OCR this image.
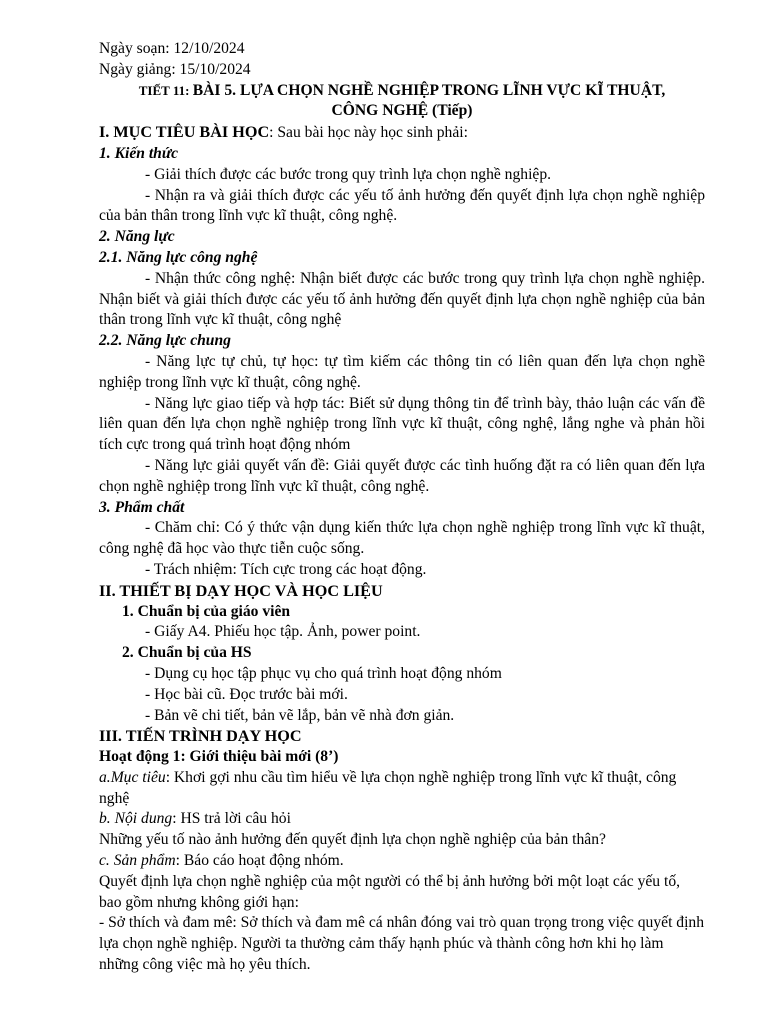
Ngày soạn: 12/10/2024

Ngày giảng: 15/10/2024

TIẾT 11: BÀI 5. LỰA CHỌN NGHỀ NGHIỆP TRONG LĨNH VỰC KĨ THUẬT,

CÔNG NGHỆ (Tiếp)

I. MỤC TIÊU BÀI HỌC: Sau bài học này học sinh phải:

1. Kiến thức

- Giải thích được các bước trong quy trình lựa chọn nghề nghiệp.

- Nhận ra và giải thích được các yếu tố ảnh hưởng đến quyết định lựa chọn nghề nghiệp của bản thân trong lĩnh vực kĩ thuật, công nghệ.

2. Năng lực

2.1. Năng lực công nghệ

- Nhận thức công nghệ: Nhận biết được các bước trong quy trình lựa chọn nghề nghiệp. Nhận biết và giải thích được các yếu tố ảnh hưởng đến quyết định lựa chọn nghề nghiệp của bản thân trong lĩnh vực kĩ thuật, công nghệ

2.2. Năng lực chung

- Năng lực tự chủ, tự học: tự tìm kiếm các thông tin có liên quan đến lựa chọn nghề nghiệp trong lĩnh vực kĩ thuật, công nghệ.

- Năng lực giao tiếp và hợp tác: Biết sử dụng thông tin để trình bày, thảo luận các vấn đề liên quan đến lựa chọn nghề nghiệp trong lĩnh vực kĩ thuật, công nghệ, lắng nghe và phản hồi tích cực trong quá trình hoạt động nhóm

- Năng lực giải quyết vấn đề: Giải quyết được các tình huống đặt ra có liên quan đến lựa chọn nghề nghiệp trong lĩnh vực kĩ thuật, công nghệ.

3. Phẩm chất

- Chăm chỉ: Có ý thức vận dụng kiến thức lựa chọn nghề nghiệp trong lĩnh vực kĩ thuật, công nghệ đã học vào thực tiễn cuộc sống.

- Trách nhiệm: Tích cực trong các hoạt động.

II. THIẾT BỊ DẠY HỌC VÀ HỌC LIỆU

1. Chuẩn bị của giáo viên

- Giấy A4. Phiếu học tập. Ảnh, power point.

2. Chuẩn bị của HS

- Dụng cụ học tập phục vụ cho quá trình hoạt động nhóm

- Học bài cũ. Đọc trước bài mới.

- Bản vẽ chi tiết, bản vẽ lắp, bản vẽ nhà đơn giản.

III. TIẾN TRÌNH DẠY HỌC

Hoạt động 1: Giới thiệu bài mới (8’)

a.Mục tiêu: Khơi gợi nhu cầu tìm hiểu về lựa chọn nghề nghiệp trong lĩnh vực kĩ thuật, công nghệ

b. Nội dung: HS trả lời câu hỏi

Những yếu tố nào ảnh hưởng đến quyết định lựa chọn nghề nghiệp của bản thân?

c. Sản phẩm: Báo cáo hoạt động nhóm.

Quyết định lựa chọn nghề nghiệp của một người có thể bị ảnh hưởng bởi một loạt các yếu tố, bao gồm nhưng không giới hạn:

- Sở thích và đam mê: Sở thích và đam mê cá nhân đóng vai trò quan trọng trong việc quyết định lựa chọn nghề nghiệp. Người ta thường cảm thấy hạnh phúc và thành công hơn khi họ làm những công việc mà họ yêu thích.
